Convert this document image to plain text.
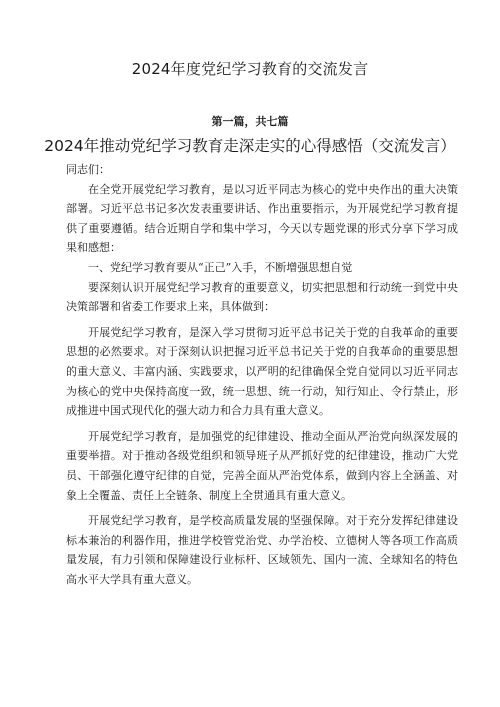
2024年度党纪学习教育的交流发言
第一篇，共七篇
2024年推动党纪学习教育走深走实的心得感悟（交流发言）

同志们：

在全党开展党纪学习教育，是以习近平同志为核心的党中央作出的重大决策部署。习近平总书记多次发表重要讲话、作出重要指示，为开展党纪学习教育提供了重要遵循。结合近期自学和集中学习，今天以专题党课的形式分享下学习成果和感想：

一、党纪学习教育要从“正己”入手，不断增强思想自觉

要深刻认识开展党纪学习教育的重要意义，切实把思想和行动统一到党中央决策部署和省委工作要求上来，具体做到：

开展党纪学习教育，是深入学习贯彻习近平总书记关于党的自我革命的重要思想的必然要求。对于深刻认识把握习近平总书记关于党的自我革命的重要思想的重大意义、丰富内涵、实践要求，以严明的纪律确保全党自觉同以习近平同志为核心的党中央保持高度一致，统一思想、统一行动，知行知止、令行禁止，形成推进中国式现代化的强大动力和合力具有重大意义。

开展党纪学习教育，是加强党的纪律建设、推动全面从严治党向纵深发展的重要举措。对于推动各级党组织和领导班子从严抓好党的纪律建设，推动广大党员、干部强化遵守纪律的自觉，完善全面从严治党体系，做到内容上全涵盖、对象上全覆盖、责任上全链条、制度上全贯通具有重大意义。

开展党纪学习教育，是学校高质量发展的坚强保障。对于充分发挥纪律建设标本兼治的利器作用，推进学校管党治党、办学治校、立德树人等各项工作高质量发展，有力引领和保障建设行业标杆、区域领先、国内一流、全球知名的特色高水平大学具有重大意义。
